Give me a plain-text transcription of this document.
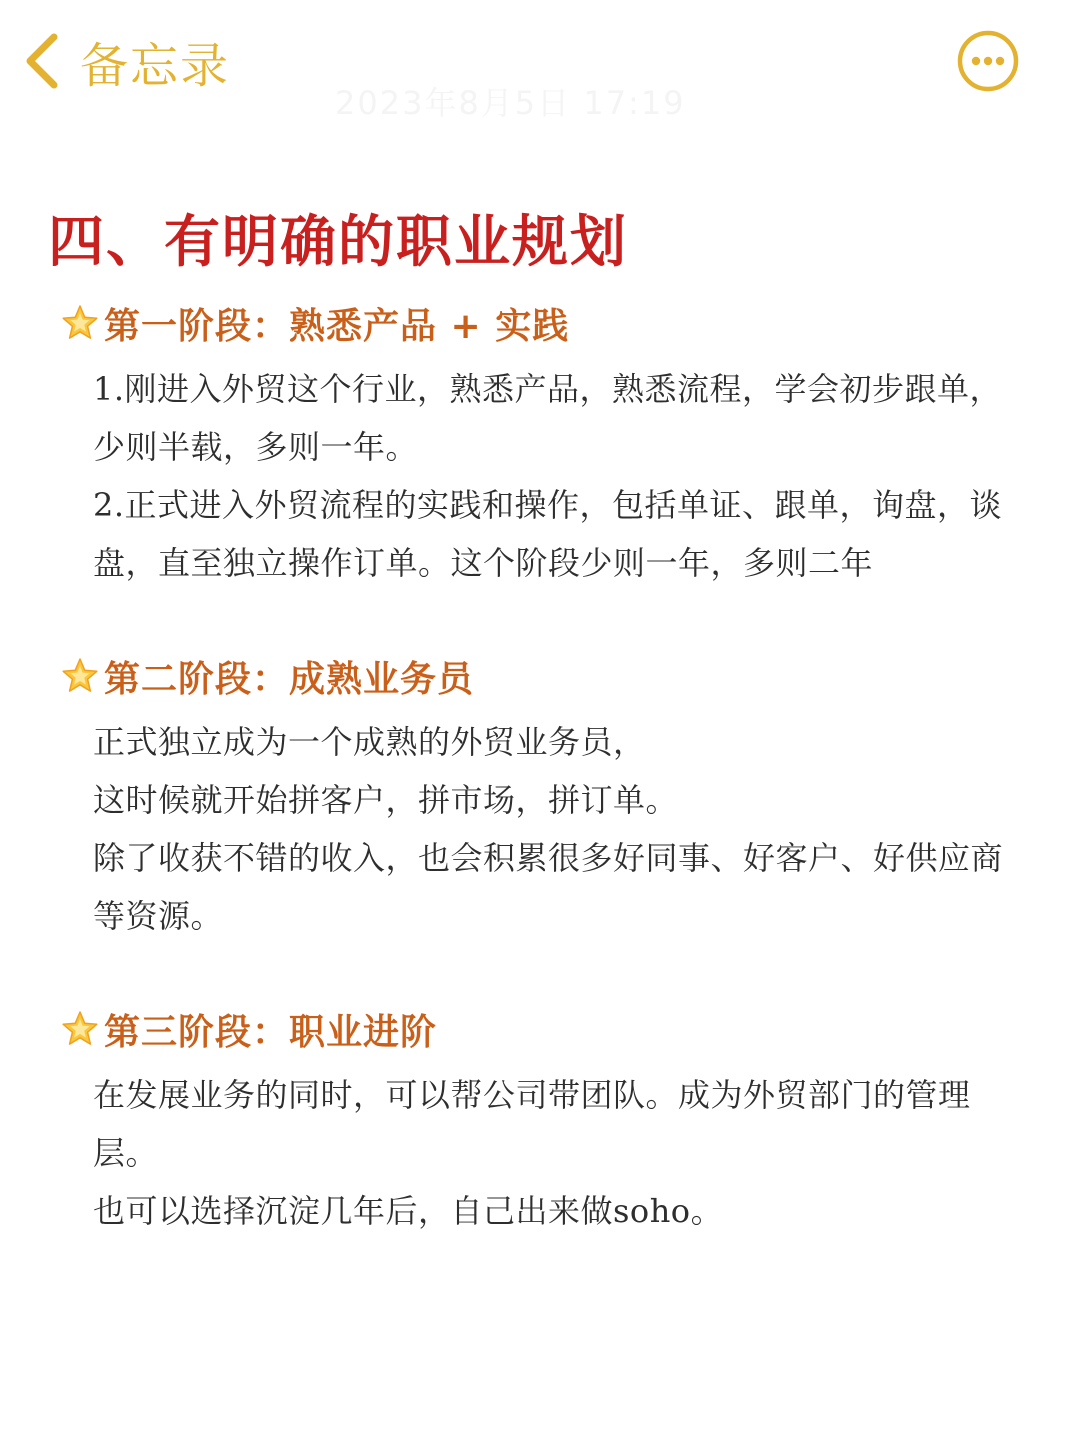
备忘录
2023年8月5日 17:19
四、有明确的职业规划
第一阶段：熟悉产品 + 实践

1.刚进入外贸这个行业，熟悉产品，熟悉流程，学会初步跟单，少则半载，多则一年。

2.正式进入外贸流程的实践和操作，包括单证、跟单，询盘，谈盘，直至独立操作订单。这个阶段少则一年，多则二年

第二阶段：成熟业务员

正式独立成为一个成熟的外贸业务员，

这时候就开始拼客户，拼市场，拼订单。

除了收获不错的收入，也会积累很多好同事、好客户、好供应商等资源。

第三阶段：职业进阶

在发展业务的同时，可以帮公司带团队。成为外贸部门的管理层。

也可以选择沉淀几年后，自己出来做soho。
